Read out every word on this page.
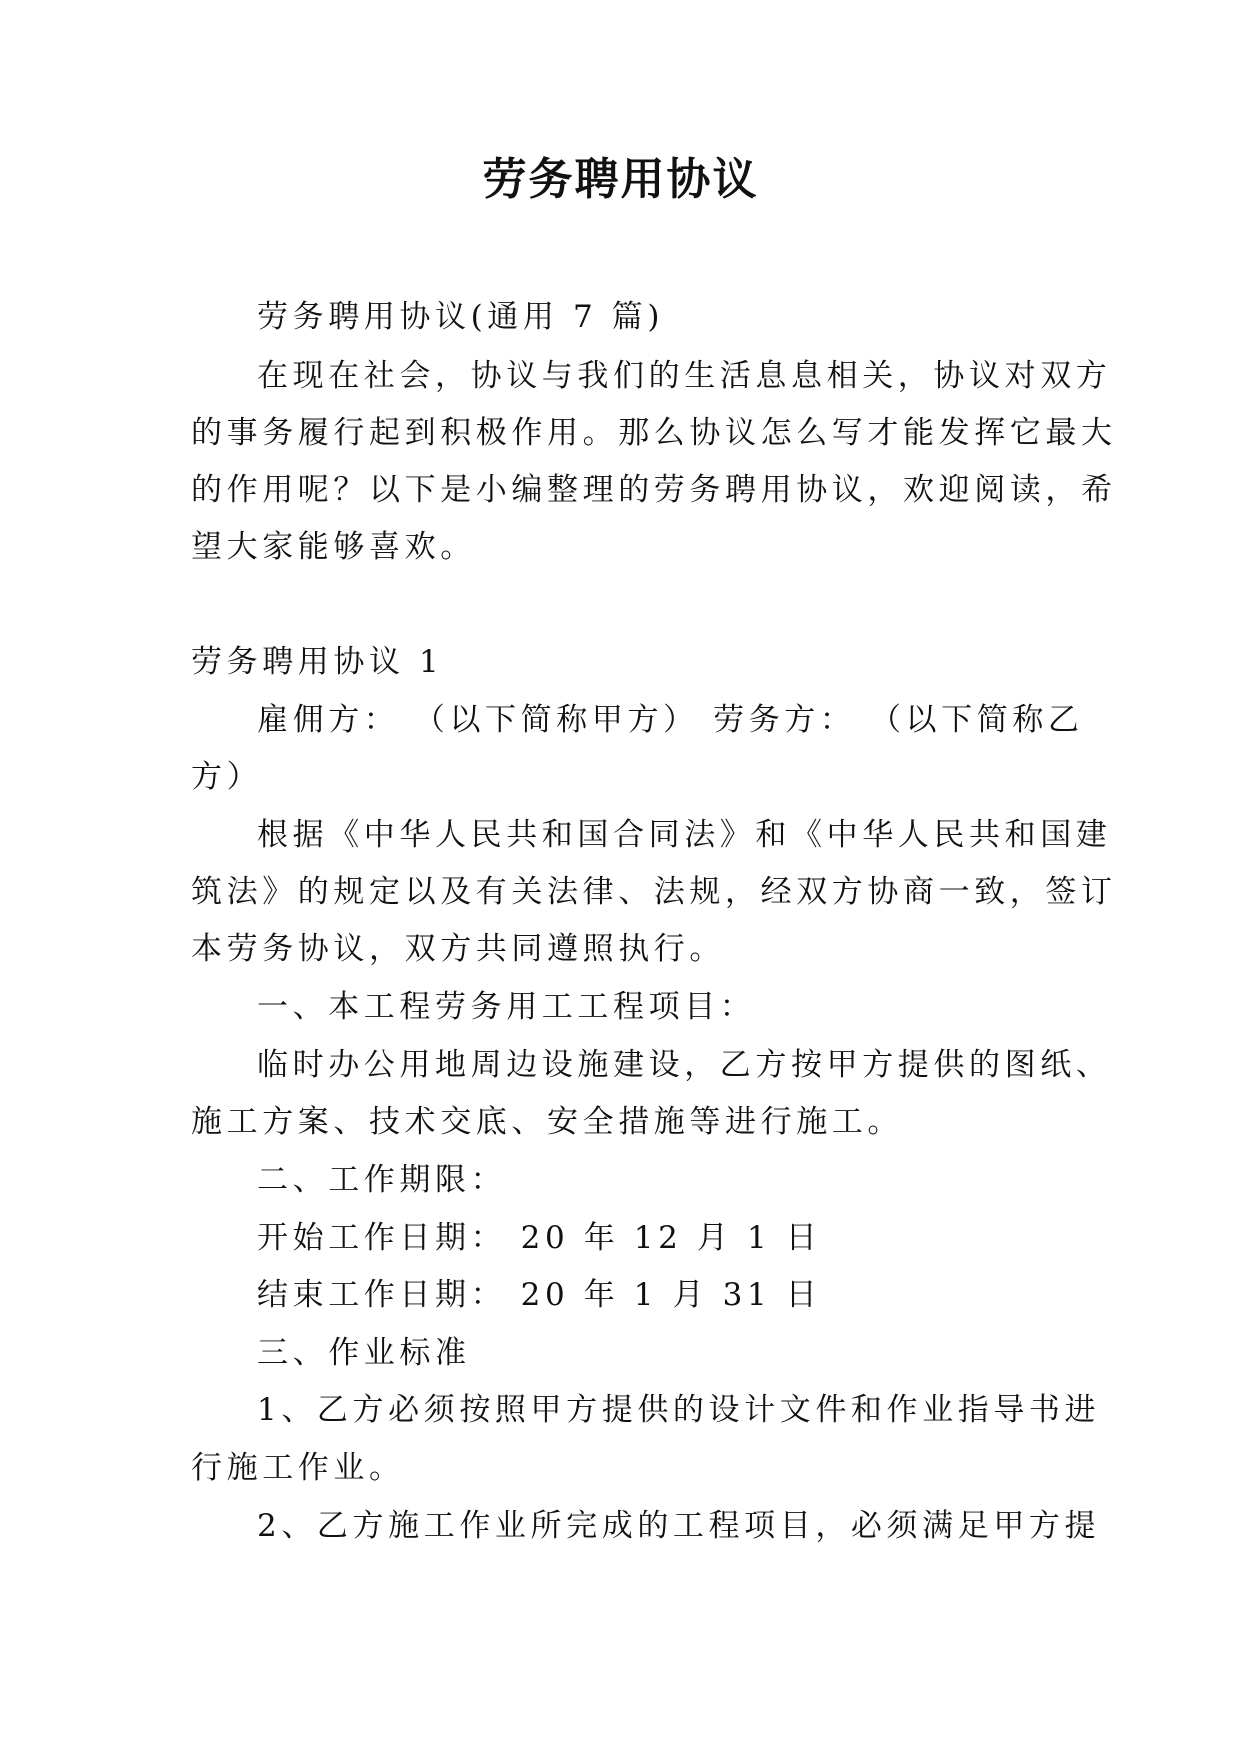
劳务聘用协议
劳务聘用协议(通用 7 篇)
在现在社会，协议与我们的生活息息相关，协议对双方
的事务履行起到积极作用。那么协议怎么写才能发挥它最大
的作用呢？以下是小编整理的劳务聘用协议，欢迎阅读，希
望大家能够喜欢。
劳务聘用协议 1
雇佣方： （以下简称甲方） 劳务方： （以下简称乙
方）
根据《中华人民共和国合同法》和《中华人民共和国建
筑法》的规定以及有关法律、法规，经双方协商一致，签订
本劳务协议，双方共同遵照执行。
一、本工程劳务用工工程项目：
临时办公用地周边设施建设，乙方按甲方提供的图纸、
施工方案、技术交底、安全措施等进行施工。
二、工作期限：
开始工作日期： 20 年 12 月 1 日
结束工作日期： 20 年 1 月 31 日
三、作业标准
1、乙方必须按照甲方提供的设计文件和作业指导书进
行施工作业。
2、乙方施工作业所完成的工程项目，必须满足甲方提
